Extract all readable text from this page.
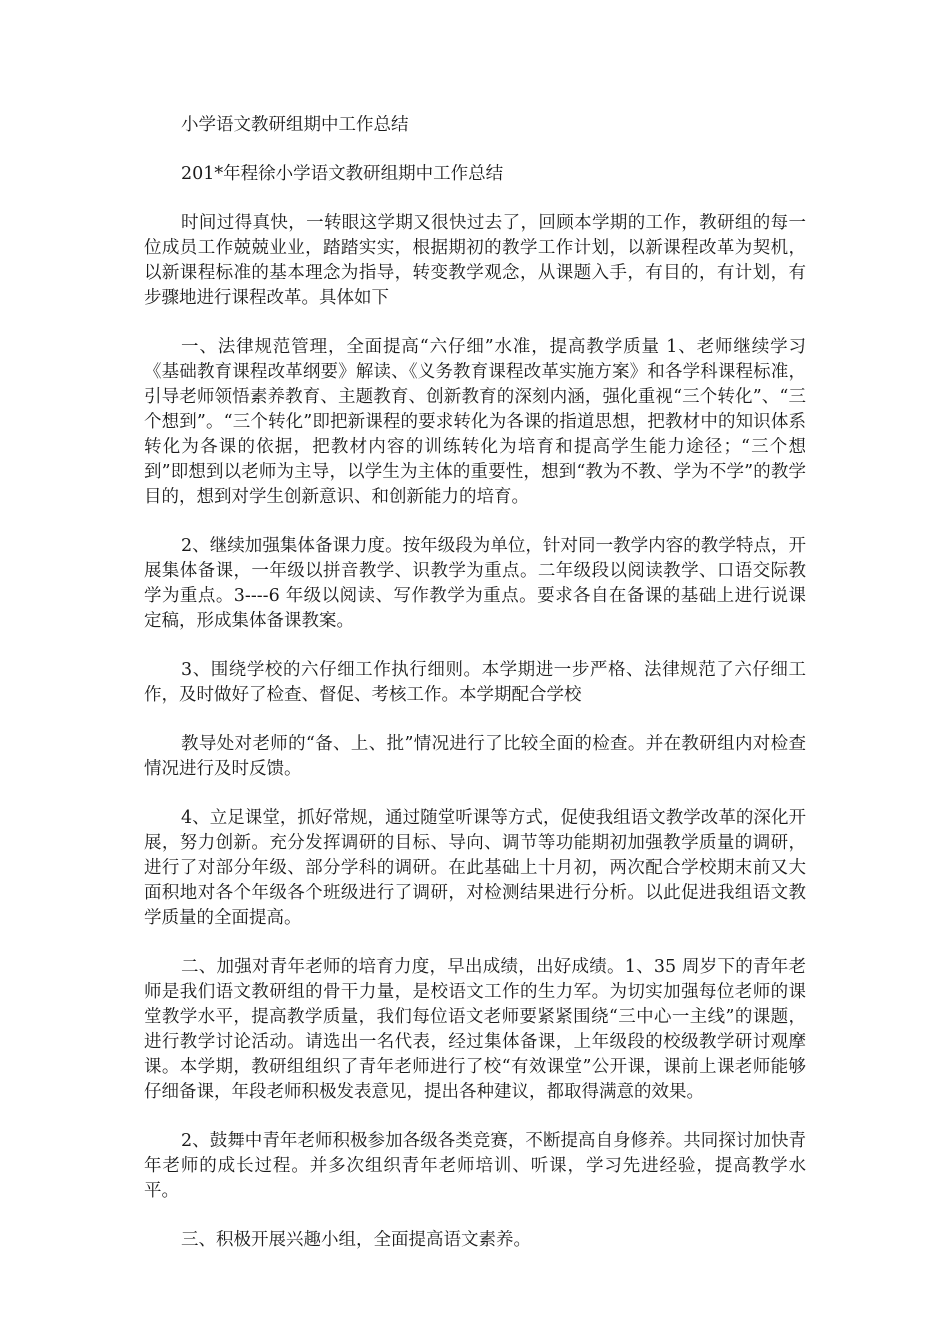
小学语文教研组期中工作总结

201*年程徐小学语文教研组期中工作总结

时间过得真快，一转眼这学期又很快过去了，回顾本学期的工作，教研组的每一位成员工作兢兢业业，踏踏实实，根据期初的教学工作计划，以新课程改革为契机，以新课程标准的基本理念为指导，转变教学观念，从课题入手，有目的，有计划，有步骤地进行课程改革。具体如下

一、法律规范管理，全面提高“六仔细”水准，提高教学质量 1、老师继续学习《基础教育课程改革纲要》解读、《义务教育课程改革实施方案》和各学科课程标准，引导老师领悟素养教育、主题教育、创新教育的深刻内涵，强化重视“三个转化”、“三个想到”。“三个转化”即把新课程的要求转化为各课的指道思想，把教材中的知识体系转化为各课的依据，把教材内容的训练转化为培育和提高学生能力途径；“三个想到”即想到以老师为主导，以学生为主体的重要性，想到“教为不教、学为不学”的教学目的，想到对学生创新意识、和创新能力的培育。

2、继续加强集体备课力度。按年级段为单位，针对同一教学内容的教学特点，开展集体备课，一年级以拼音教学、识教学为重点。二年级段以阅读教学、口语交际教学为重点。3----6 年级以阅读、写作教学为重点。要求各自在备课的基础上进行说课定稿，形成集体备课教案。

3、围绕学校的六仔细工作执行细则。本学期进一步严格、法律规范了六仔细工作，及时做好了检查、督促、考核工作。本学期配合学校

教导处对老师的“备、上、批”情况进行了比较全面的检查。并在教研组内对检查情况进行及时反馈。

4、立足课堂，抓好常规，通过随堂听课等方式，促使我组语文教学改革的深化开展，努力创新。充分发挥调研的目标、导向、调节等功能期初加强教学质量的调研，进行了对部分年级、部分学科的调研。在此基础上十月初，两次配合学校期末前又大面积地对各个年级各个班级进行了调研，对检测结果进行分析。以此促进我组语文教学质量的全面提高。

二、加强对青年老师的培育力度，早出成绩，出好成绩。1、35 周岁下的青年老师是我们语文教研组的骨干力量，是校语文工作的生力军。为切实加强每位老师的课堂教学水平，提高教学质量，我们每位语文老师要紧紧围绕“三中心一主线”的课题，进行教学讨论活动。请选出一名代表，经过集体备课，上年级段的校级教学研讨观摩课。本学期，教研组组织了青年老师进行了校“有效课堂”公开课，课前上课老师能够仔细备课，年段老师积极发表意见，提出各种建议，都取得满意的效果。

2、鼓舞中青年老师积极参加各级各类竞赛，不断提高自身修养。共同探讨加快青年老师的成长过程。并多次组织青年老师培训、听课，学习先进经验，提高教学水平。

三、积极开展兴趣小组，全面提高语文素养。
